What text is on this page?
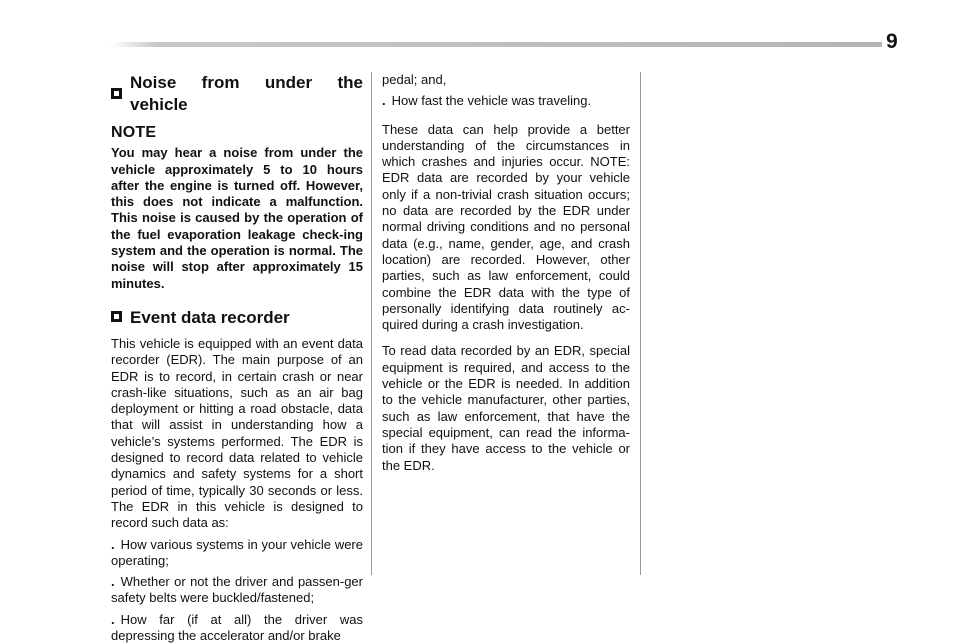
9
Noise from under the vehicle
NOTE

You may hear a noise from under the vehicle approximately 5 to 10 hours after the engine is turned off. However, this does not indicate a malfunction. This noise is caused by the operation of the fuel evaporation leakage check-ing system and the operation is normal. The noise will stop after approximately 15 minutes.

Event data recorder

This vehicle is equipped with an event data recorder (EDR). The main purpose of an EDR is to record, in certain crash or near crash-like situations, such as an air bag deployment or hitting a road obstacle, data that will assist in understanding how a vehicle’s systems performed. The EDR is designed to record data related to vehicle dynamics and safety systems for a short period of time, typically 30 seconds or less. The EDR in this vehicle is designed to record such data as:

. How various systems in your vehicle were operating;

. Whether or not the driver and passen-ger safety belts were buckled/fastened;

. How far (if at all) the driver was depressing the accelerator and/or brake

pedal; and,

. How fast the vehicle was traveling.

These data can help provide a better understanding of the circumstances in which crashes and injuries occur. NOTE: EDR data are recorded by your vehicle only if a non-trivial crash situation occurs; no data are recorded by the EDR under normal driving conditions and no personal data (e.g., name, gender, age, and crash location) are recorded. However, other parties, such as law enforcement, could combine the EDR data with the type of personally identifying data routinely ac-quired during a crash investigation.

To read data recorded by an EDR, special equipment is required, and access to the vehicle or the EDR is needed. In addition to the vehicle manufacturer, other parties, such as law enforcement, that have the special equipment, can read the informa-tion if they have access to the vehicle or the EDR.
